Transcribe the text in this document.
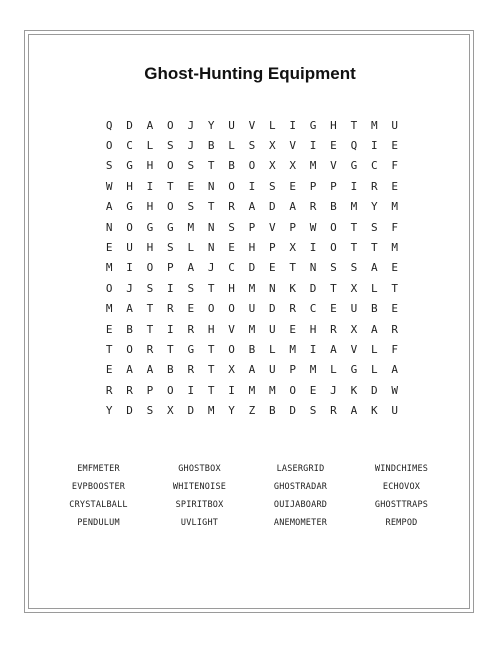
Ghost-Hunting Equipment
Q	D	A	O	J	Y	U	V	L	I	G	H	T	M	U
O	C	L	S	J	B	L	S	X	V	I	E	Q	I	E
S	G	H	O	S	T	B	O	X	X	M	V	G	C	F
W	H	I	T	E	N	O	I	S	E	P	P	I	R	E
A	G	H	O	S	T	R	A	D	A	R	B	M	Y	M
N	O	G	G	M	N	S	P	V	P	W	O	T	S	F
E	U	H	S	L	N	E	H	P	X	I	O	T	T	M
M	I	O	P	A	J	C	D	E	T	N	S	S	A	E
O	J	S	I	S	T	H	M	N	K	D	T	X	L	T
M	A	T	R	E	O	O	U	D	R	C	E	U	B	E
E	B	T	I	R	H	V	M	U	E	H	R	X	A	R
T	O	R	T	G	T	O	B	L	M	I	A	V	L	F
E	A	A	B	R	T	X	A	U	P	M	L	G	L	A
R	R	P	O	I	T	I	M	M	O	E	J	K	D	W
Y	D	S	X	D	M	Y	Z	B	D	S	R	A	K	U
EMFMETER	GHOSTBOX	LASERGRID	WINDCHIMES
EVPBOOSTER	WHITENOISE	GHOSTRADAR	ECHOVOX
CRYSTALBALL	SPIRITBOX	OUIJABOARD	GHOSTTRAPS
PENDULUM	UVLIGHT	ANEMOMETER	REMPOD
